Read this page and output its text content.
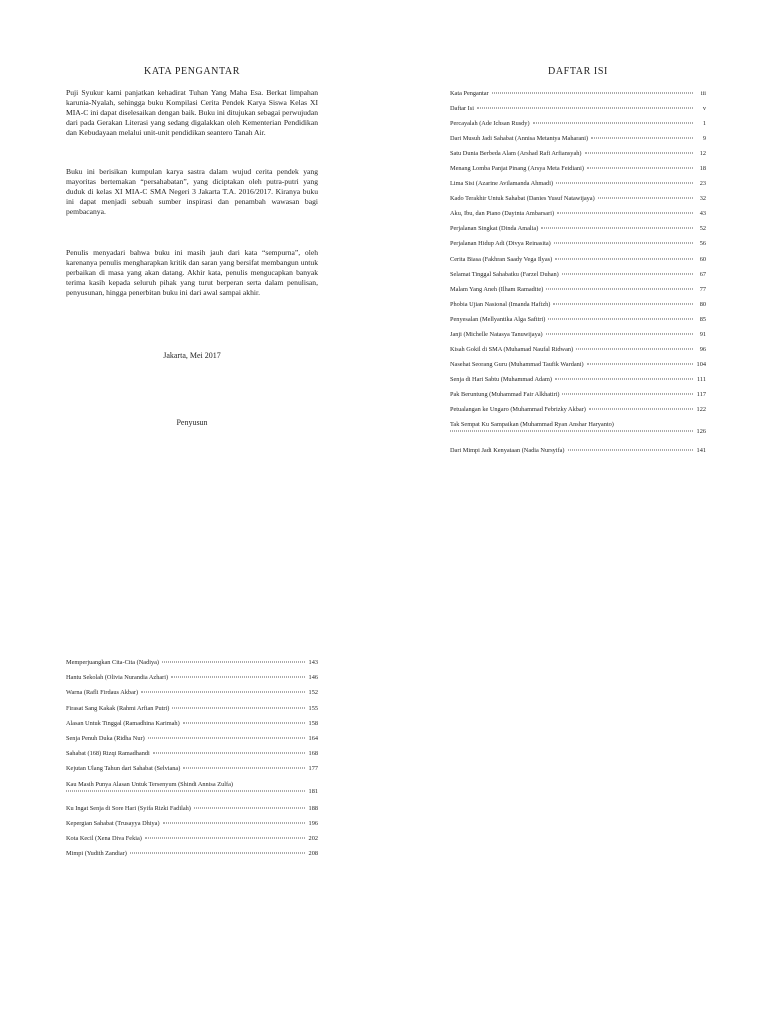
KATA PENGANTAR
Puji Syukur kami panjatkan kehadirat Tuhan Yang Maha Esa. Berkat limpahan karunia-Nyalah, sehingga buku Kompilasi Cerita Pendek Karya Siswa Kelas XI MIA-C ini dapat diselesaikan dengan baik. Buku ini ditujukan sebagai perwujudan dari pada Gerakan Literasi yang sedang digalakkan oleh Kementerian Pendidikan dan Kebudayaan melalui unit-unit pendidikan seantero Tanah Air.
Buku ini berisikan kumpulan karya sastra dalam wujud cerita pendek yang mayoritas bertemakan “persahabatan”, yang diciptakan oleh putra-putri yang duduk di kelas XI MIA-C SMA Negeri 3 Jakarta T.A. 2016/2017. Kiranya buku ini dapat menjadi sebuah sumber inspirasi dan penambah wawasan bagi pembacanya.
Penulis menyadari bahwa buku ini masih jauh dari kata “sempurna”, oleh karenanya penulis mengharapkan kritik dan saran yang bersifat membangun untuk perbaikan di masa yang akan datang. Akhir kata, penulis mengucapkan banyak terima kasih kepada seluruh pihak yang turut berperan serta dalam penulisan, penyusunan, hingga penerbitan buku ini dari awal sampai akhir.
Jakarta, Mei 2017
Penyusun
DAFTAR ISI
Kata Pengantar	iii
Daftar Isi	v
Percayalah (Ade Ichsan Rusdy)	1
Dari Musuh Jadi Sahabat (Annisa Metantya Maharani)	9
Satu Dunia Berbeda Alam (Arshad Rafi Arfiansyah)	12
Menang Lomba Panjat Pinang (Arsya Meta Feidiani)	18
Lima Sisi (Azarine Avilamanda Ahmadi)	23
Kado Terakhir Untuk Sahabat (Danies Yusuf Natawijaya)	32
Aku, Ibu, dan Piano (Dayinta Ambarsari)	43
Perjalanan Singkat (Dinda Amalia)	52
Perjalanan Hidup Adi (Divya Reinasita)	56
Cerita Biasa (Fakhran Saady Vega Ilyas)	60
Selamat Tinggal Sahabatku (Farzel Duhan)	67
Malam Yang Aneh (Ilham Ramadite)	77
Phobia Ujian Nasional (Imanda Hafizh)	80
Penyesalan (Mellyantika Alga Safitri)	85
Janji (Michelle Natasya Tanuwijaya)	91
Kisah Gokil di SMA (Muhamad Naufal Ridwan)	96
Nasehat Seorang Guru (Muhammad Taufik Wardani)	104
Senja di Hari Sabtu (Muhammad Adam)	111
Pak Beruntung (Muhammad Fair Alkhatiri)	117
Petualangan ke Ungaro (Muhammad Febrizky Akbar)	122
Tak Sempat Ku Sampaikan (Muhammad Ryan Anshar Haryanto)
126
Dari Mimpi Jadi Kenyataan (Nadia Nursyifa)	141
Memperjuangkan Cita-Cita (Nadiya)	143
Hantu Sekolah (Olivia Nurandia Azhari)	146
Warna (Rafli Firdaus Akbar)	152
Firasat Sang Kakak (Rahmi Arfian Putri)	155
Alasan Untuk Tinggal (Ramadhina Karimah)	158
Senja Penuh Duka (Ridha Nur)	164
Sahabat (168) Rizqi Ramadhandi	168
Kejutan Ulang Tahun dari Sahabat (Selviana)	177
Kau Masih Punya Alasan Untuk Tersenyum (Shindi Annisa Zulfa)
181
Ku Ingat Senja di Sore Hari (Syifa Rizki Fadilah)	188
Kepergian Sahabat (Trusayya Dhiya)	196
Kota Kecil (Xena Diva Fekia)	202
Mimpi (Yudith Zandiar)	208
